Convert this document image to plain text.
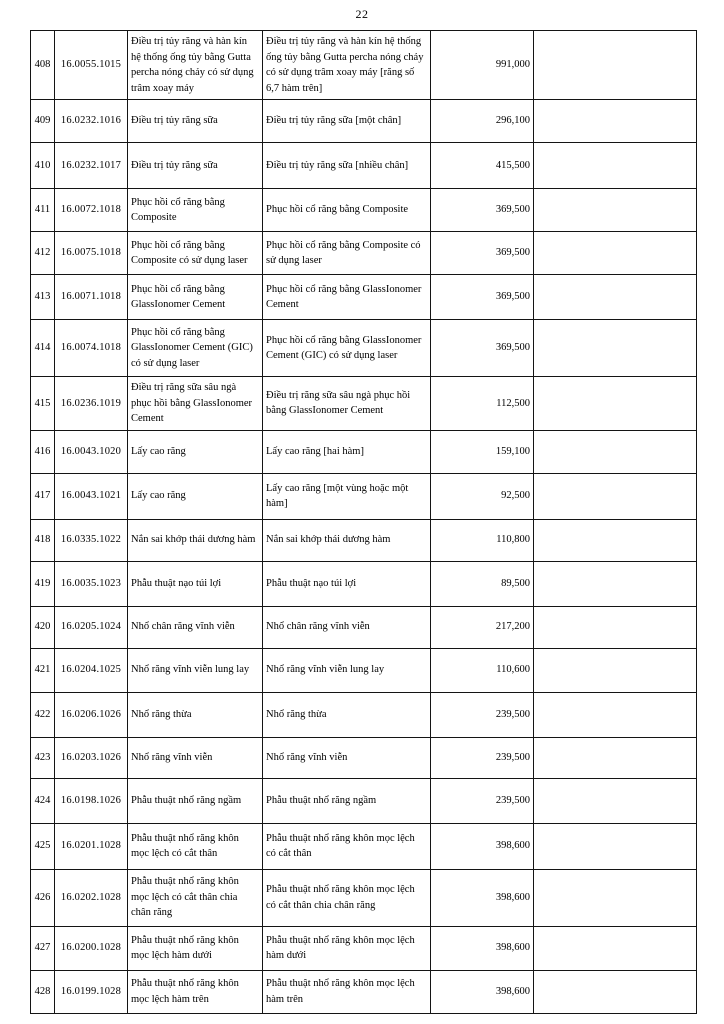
22
408	16.0055.1015	Điều trị tủy răng và hàn kín hệ thống ống tủy bằng Gutta percha nóng chảy có sử dụng trâm xoay máy	Điều trị tủy răng và hàn kín hệ thống ống tủy bằng Gutta percha nóng chảy có sử dụng trâm xoay máy [răng số 6,7 hàm trên]	991,000	
409	16.0232.1016	Điều trị tủy răng sữa	Điều trị tủy răng sữa [một chân]	296,100	
410	16.0232.1017	Điều trị tủy răng sữa	Điều trị tủy răng sữa [nhiều chân]	415,500	
411	16.0072.1018	Phục hồi cổ răng bằng Composite	Phục hồi cổ răng bằng Composite	369,500	
412	16.0075.1018	Phục hồi cổ răng bằng Composite có sử dụng laser	Phục hồi cổ răng bằng Composite có sử dụng laser	369,500	
413	16.0071.1018	Phục hồi cổ răng bằng GlassIonomer Cement	Phục hồi cổ răng bằng GlassIonomer Cement	369,500	
414	16.0074.1018	Phục hồi cổ răng bằng GlassIonomer Cement (GIC) có sử dụng laser	Phục hồi cổ răng bằng GlassIonomer Cement (GIC) có sử dụng laser	369,500	
415	16.0236.1019	Điều trị răng sữa sâu ngà phục hồi bằng GlassIonomer Cement	Điều trị răng sữa sâu ngà phục hồi bằng GlassIonomer Cement	112,500	
416	16.0043.1020	Lấy cao răng	Lấy cao răng [hai hàm]	159,100	
417	16.0043.1021	Lấy cao răng	Lấy cao răng [một vùng hoặc một hàm]	92,500	
418	16.0335.1022	Nắn sai khớp thái dương hàm	Nắn sai khớp thái dương hàm	110,800	
419	16.0035.1023	Phẫu thuật nạo túi lợi	Phẫu thuật nạo túi lợi	89,500	
420	16.0205.1024	Nhổ chân răng vĩnh viễn	Nhổ chân răng vĩnh viễn	217,200	
421	16.0204.1025	Nhổ răng vĩnh viễn lung lay	Nhổ răng vĩnh viễn lung lay	110,600	
422	16.0206.1026	Nhổ răng thừa	Nhổ răng thừa	239,500	
423	16.0203.1026	Nhổ răng vĩnh viễn	Nhổ răng vĩnh viễn	239,500	
424	16.0198.1026	Phẫu thuật nhổ răng ngầm	Phẫu thuật nhổ răng ngầm	239,500	
425	16.0201.1028	Phẫu thuật nhổ răng khôn mọc lệch có cắt thân	Phẫu thuật nhổ răng khôn mọc lệch có cắt thân	398,600	
426	16.0202.1028	Phẫu thuật nhổ răng khôn mọc lệch có cắt thân chia chân răng	Phẫu thuật nhổ răng khôn mọc lệch có cắt thân chia chân răng	398,600	
427	16.0200.1028	Phẫu thuật nhổ răng khôn mọc lệch hàm dưới	Phẫu thuật nhổ răng khôn mọc lệch hàm dưới	398,600	
428	16.0199.1028	Phẫu thuật nhổ răng khôn mọc lệch hàm trên	Phẫu thuật nhổ răng khôn mọc lệch hàm trên	398,600	
